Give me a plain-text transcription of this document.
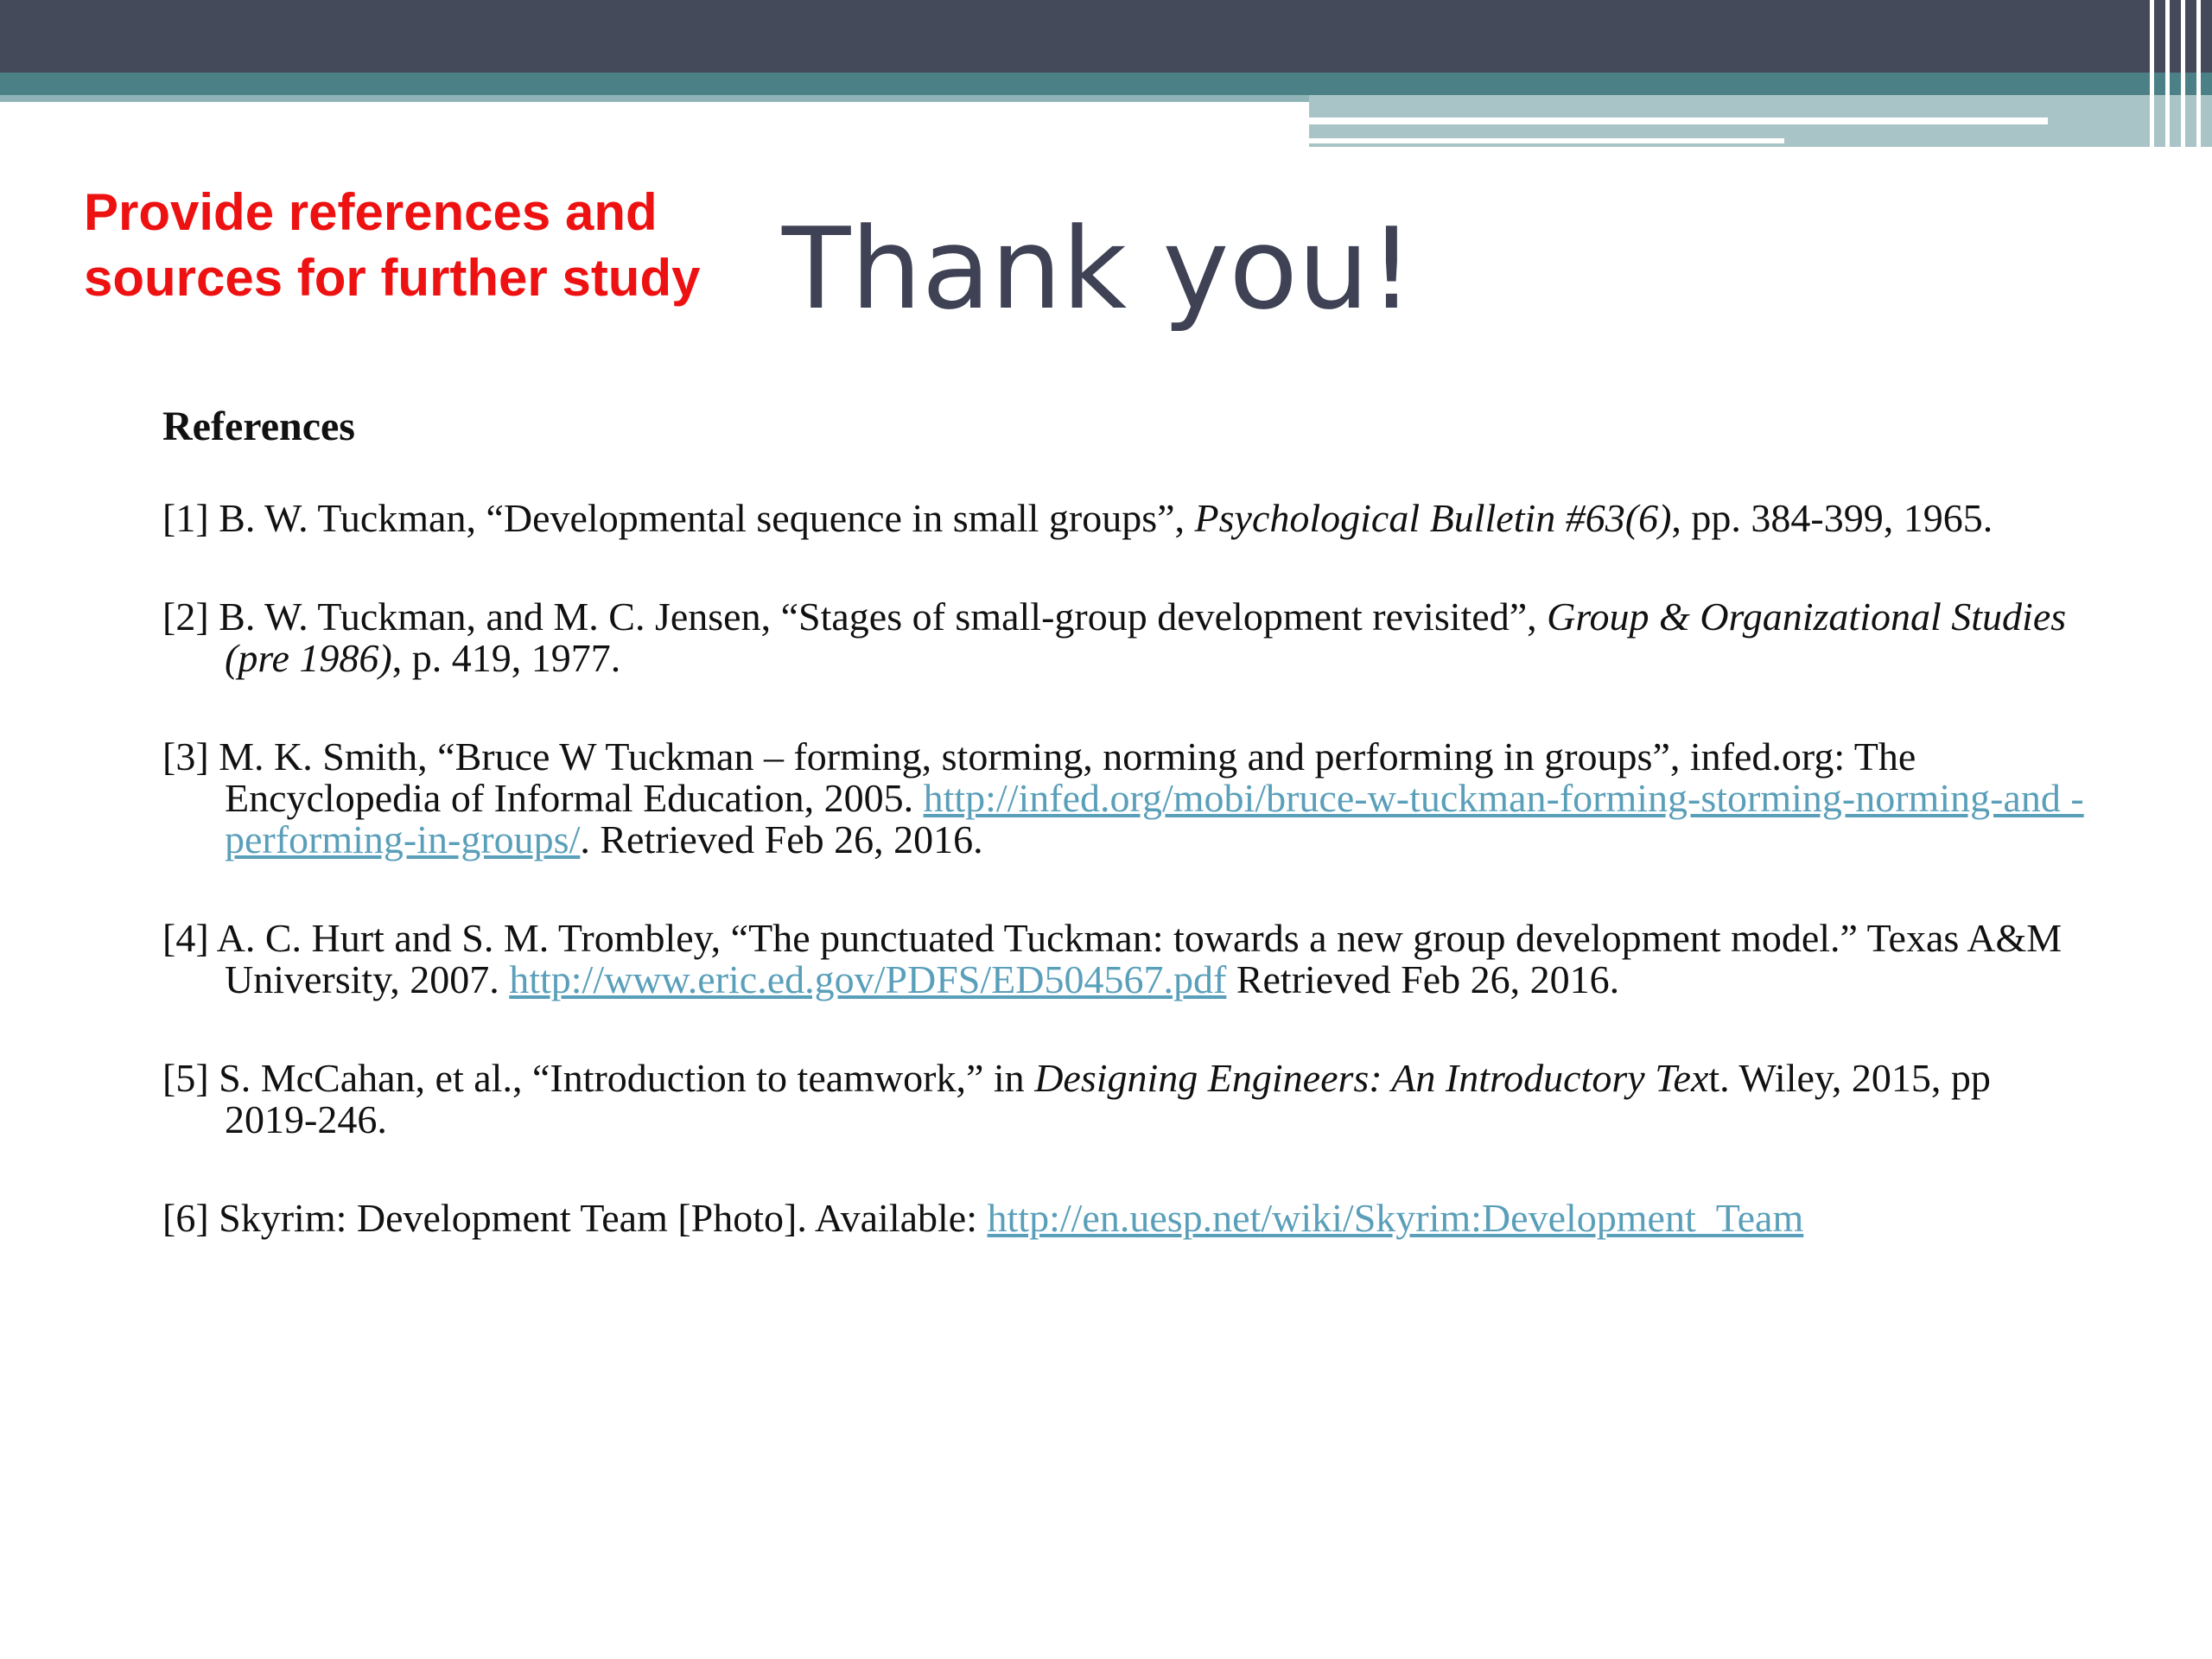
Provide references and
sources for further study Thank you!
References

[1] B. W. Tuckman, “Developmental sequence in small groups”, Psychological Bulletin #63(6), pp. 384-399, 1965.

[2] B. W. Tuckman, and M. C. Jensen, “Stages of small-group development revisited”, Group & Organizational Studies (pre 1986), p. 419, 1977.

[3] M. K. Smith, “Bruce W Tuckman – forming, storming, norming and performing in groups”, infed.org: The Encyclopedia of Informal Education, 2005. http://infed.org/mobi/bruce-w-tuckman-forming-storming-norming-and -performing-in-groups/. Retrieved Feb 26, 2016.

[4] A. C. Hurt and S. M. Trombley, “The punctuated Tuckman: towards a new group development model.” Texas A&M University, 2007. http://www.eric.ed.gov/PDFS/ED504567.pdf Retrieved Feb 26, 2016.

[5] S. McCahan, et al., “Introduction to teamwork,” in Designing Engineers: An Introductory Text. Wiley, 2015, pp 2019-246.

[6] Skyrim: Development Team [Photo]. Available: http://en.uesp.net/wiki/Skyrim:Development_Team
